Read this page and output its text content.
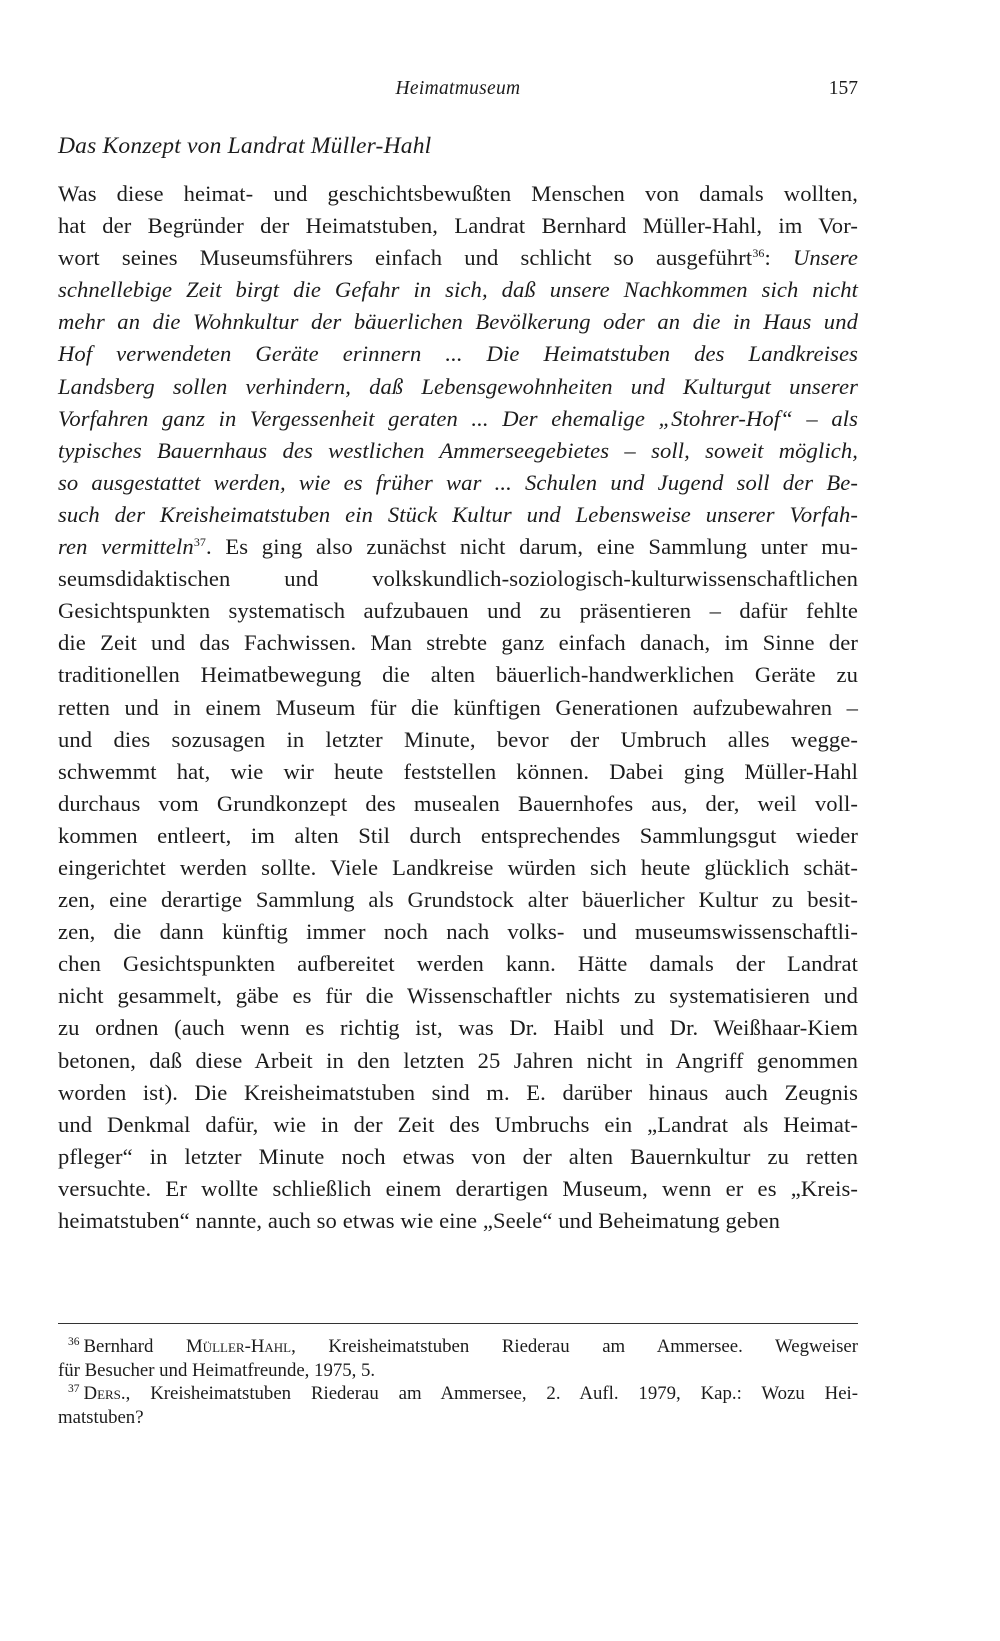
Heimatmuseum	157
Das Konzept von Landrat Müller-Hahl
Was diese heimat- und geschichtsbewußten Menschen von damals wollten,
hat der Begründer der Heimatstuben, Landrat Bernhard Müller-Hahl, im Vor-
wort seines Museumsführers einfach und schlicht so ausgeführt$^{36}$: Unsere
schnellebige Zeit birgt die Gefahr in sich, daß unsere Nachkommen sich nicht
mehr an die Wohnkultur der bäuerlichen Bevölkerung oder an die in Haus und
Hof verwendeten Geräte erinnern ... Die Heimatstuben des Landkreises
Landsberg sollen verhindern, daß Lebensgewohnheiten und Kulturgut unserer
Vorfahren ganz in Vergessenheit geraten ... Der ehemalige „Stohrer-Hof“ – als
typisches Bauernhaus des westlichen Ammerseegebietes – soll, soweit möglich,
so ausgestattet werden, wie es früher war ... Schulen und Jugend soll der Be-
such der Kreisheimatstuben ein Stück Kultur und Lebensweise unserer Vorfah-
ren vermitteln$^{37}$. Es ging also zunächst nicht darum, eine Sammlung unter mu-
seumsdidaktischen und volkskundlich-soziologisch-kulturwissenschaftlichen
Gesichtspunkten systematisch aufzubauen und zu präsentieren – dafür fehlte
die Zeit und das Fachwissen. Man strebte ganz einfach danach, im Sinne der
traditionellen Heimatbewegung die alten bäuerlich-handwerklichen Geräte zu
retten und in einem Museum für die künftigen Generationen aufzubewahren –
und dies sozusagen in letzter Minute, bevor der Umbruch alles wegge-
schwemmt hat, wie wir heute feststellen können. Dabei ging Müller-Hahl
durchaus vom Grundkonzept des musealen Bauernhofes aus, der, weil voll-
kommen entleert, im alten Stil durch entsprechendes Sammlungsgut wieder
eingerichtet werden sollte. Viele Landkreise würden sich heute glücklich schät-
zen, eine derartige Sammlung als Grundstock alter bäuerlicher Kultur zu besit-
zen, die dann künftig immer noch nach volks- und museumswissenschaftli-
chen Gesichtspunkten aufbereitet werden kann. Hätte damals der Landrat
nicht gesammelt, gäbe es für die Wissenschaftler nichts zu systematisieren und
zu ordnen (auch wenn es richtig ist, was Dr. Haibl und Dr. Weißhaar-Kiem
betonen, daß diese Arbeit in den letzten 25 Jahren nicht in Angriff genommen
worden ist). Die Kreisheimatstuben sind m. E. darüber hinaus auch Zeugnis
und Denkmal dafür, wie in der Zeit des Umbruchs ein „Landrat als Heimat-
pfleger“ in letzter Minute noch etwas von der alten Bauernkultur zu retten
versuchte. Er wollte schließlich einem derartigen Museum, wenn er es „Kreis-
heimatstuben“ nannte, auch so etwas wie eine „Seele“ und Beheimatung geben

$^{36}$ Bernhard Müller-Hahl, Kreisheimatstuben Riederau am Ammersee. Wegweiser
für Besucher und Heimatfreunde, 1975, 5.

$^{37}$ Ders., Kreisheimatstuben Riederau am Ammersee, 2. Aufl. 1979, Kap.: Wozu Hei-
matstuben?
